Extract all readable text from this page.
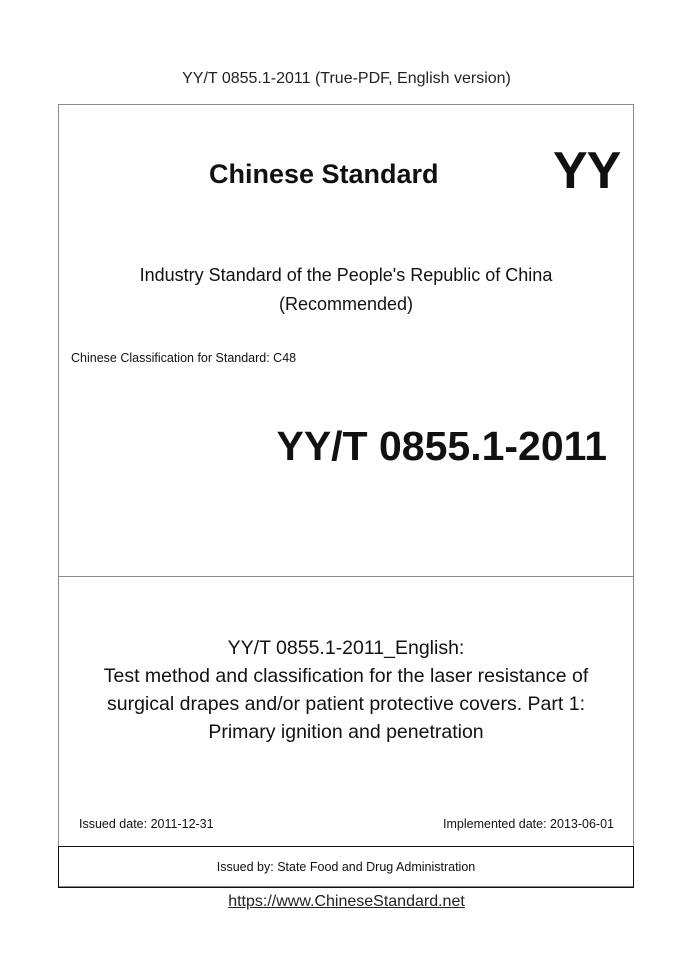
YY/T 0855.1-2011 (True-PDF, English version)
Chinese Standard YY
Industry Standard of the People's Republic of China
(Recommended)
Chinese Classification for Standard: C48
YY/T 0855.1-2011
YY/T 0855.1-2011_English:
Test method and classification for the laser resistance of
surgical drapes and/or patient protective covers. Part 1:
Primary ignition and penetration
Issued date: 2011-12-31	Implemented date: 2013-06-01
Issued by: State Food and Drug Administration
https://www.ChineseStandard.net
